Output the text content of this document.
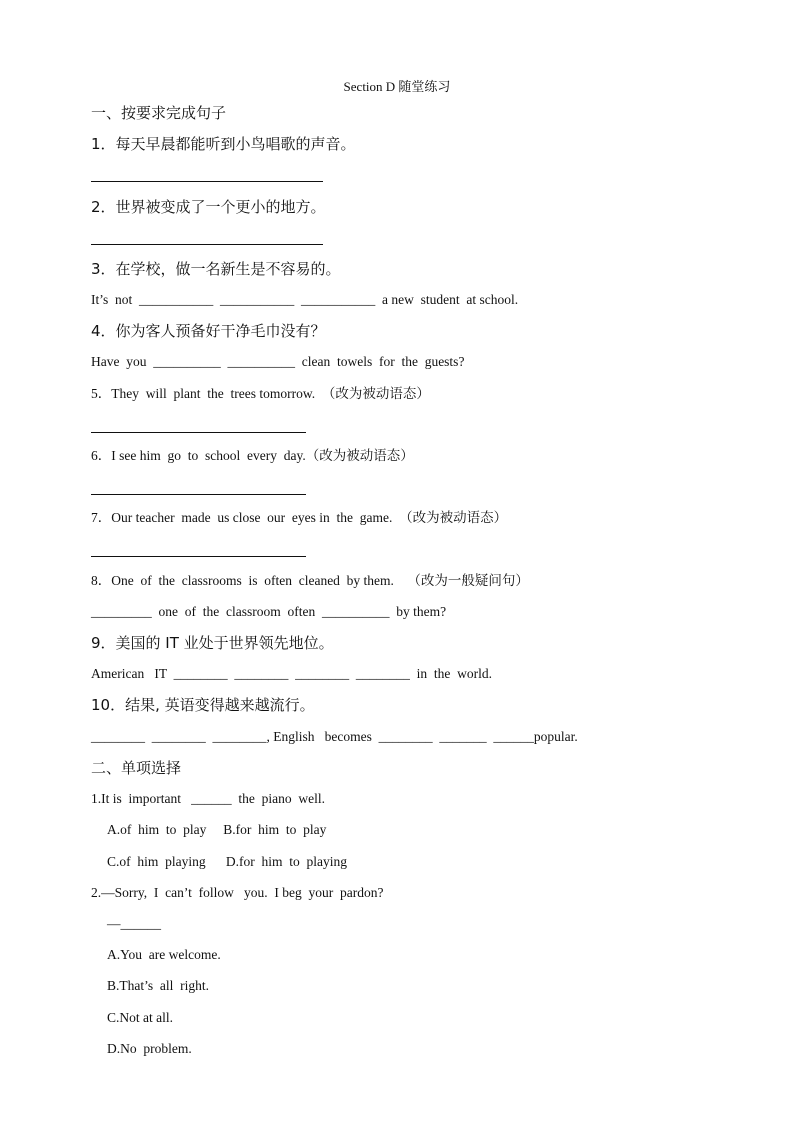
Section D 随堂练习
一、按要求完成句子
1．每天早晨都能听到小鸟唱歌的声音。
2．世界被变成了一个更小的地方。
3．在学校，做一名新生是不容易的。
It’s  not  ___________  ___________  ___________  a new  student  at school.
4．你为客人预备好干净毛巾没有？
Have  you  __________  __________  clean  towels  for  the  guests?
5．They  will  plant  the  trees tomorrow.  （改为被动语态）
6．I see him  go  to  school  every  day.（改为被动语态）
7．Our teacher  made  us close  our  eyes in  the  game.  （改为被动语态）
8．One  of  the  classrooms  is  often  cleaned  by them.    （改为一般疑问句）
_________  one  of  the  classroom  often  __________  by them?
9．美国的 IT 业处于世界领先地位。
American   IT  ________  ________  ________  ________  in  the  world.
10．结果, 英语变得越来越流行。
________  ________  ________, English   becomes  ________  _______  ______popular.
二、单项选择
1.It is  important   ______  the  piano  well.
A.of  him  to  play     B.for  him  to  play
C.of  him  playing      D.for  him  to  playing
2.—Sorry,  I  can’t  follow   you.  I beg  your  pardon?
—______
A.You  are welcome.
B.That’s  all  right.
C.Not at all.
D.No  problem.
